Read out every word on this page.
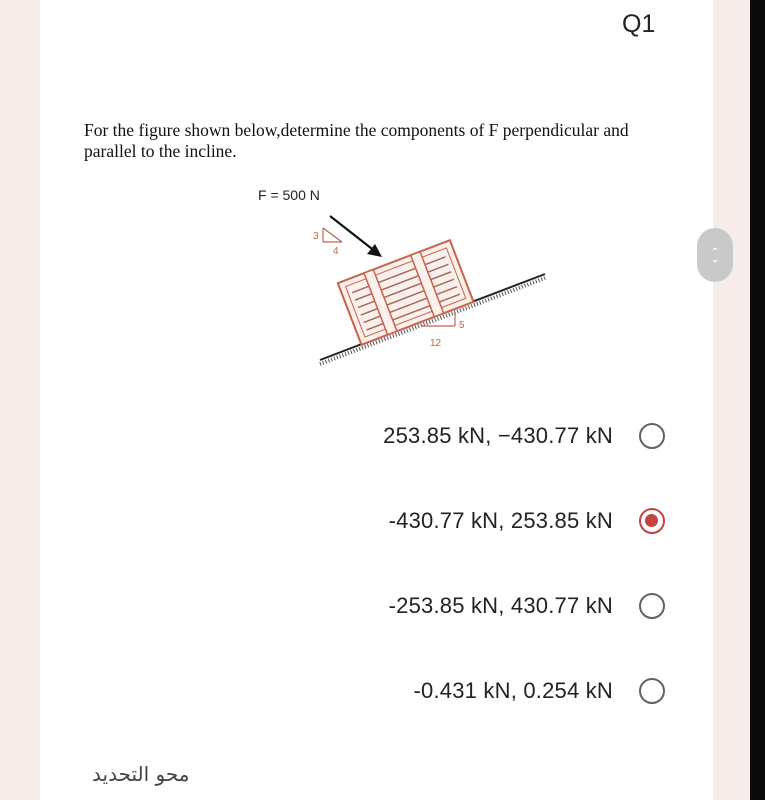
‹
›
Q1
For the figure shown below,determine the components of F perpendicular and parallel to the incline.
F = 500 N
3
4
12
5
253.85 kN, −430.77 kN
-430.77 kN, 253.85 kN
-253.85 kN, 430.77 kN
-0.431 kN, 0.254 kN
محو التحديد
